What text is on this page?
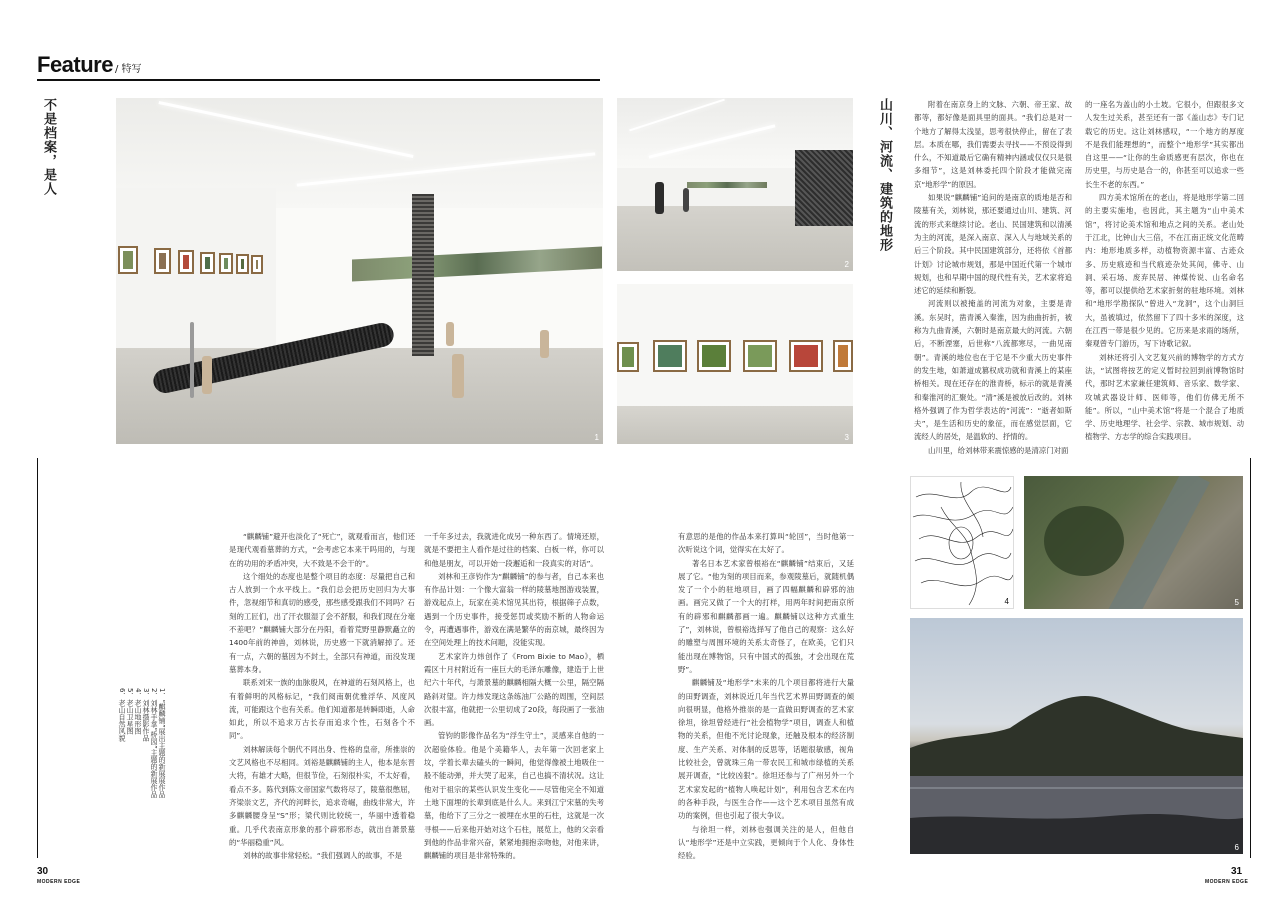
Feature / 特写
不是档案，是人
1

“麒麟铺”避开也淡化了“死亡”，就观看而言，他们还是现代观看墓葬的方式，“会考虑它本来干吗用的，与现在的功用的矛盾冲突，大不致是不会干的”。

这个细处的态度也是整个项目的态度：尽量把自己和古人放到一个水平线上。“我们总会把历史回归为大事件，忽视细节和真切的感受，那些感受跟我们不同吗？石刻的工匠们，出了汗衣服湿了会不舒服，和我们现在分毫不差吧？”麒麟铺大部分在丹阳，看着荒野里静默矗立的1400年前的神兽，刘林说，历史感一下就消解掉了。还有一点，六朝的墓因为不封土，全部只有神道，而没发现墓葬本身。

联系刘宋一族的血脉殷风，在神道的石刻风格上，也有着鲜明的风格标记，“我们阅南朝优雅浮华、风度风流，可能跟这个也有关系。他们知道都是转瞬即逝，人命如此，所以不追求万古长存而追求个性，石刻各个不同”。

刘林解读每个朝代不同出身、性格的皇帝，所推崇的文艺风格也不尽相同。刘裕是麒麟铺的主人，他本是东晋大将，有雄才大略，但很节俭，石刻很朴实，不太好看，看点不多。陈代到陈文帝国家气数将尽了，陵墓很憋屈，齐梁崇文艺，齐代的河畔长，追求奇崛，曲线非常大，许多麒麟腰身呈“S”形；梁代则比较统一，华丽中透着稳重。几乎代表南京形象的那个辟邪形态，就出自萧景墓的“华丽稳重”风。

刘林的故事非常轻松。“我们强调人的故事，不是

一千年多过去，我就进化成另一种东西了。情境还原，就是不要把主人看作是过往的档案、白板一样，你可以和他是朋友，可以开始一段邂逅和一段真实的对话”。

刘林和王彦钧作为“麒麟铺”的参与者，自己本来也有作品计划：一个像大富翁一样的陵墓地图游戏装置，游戏起点上，玩家在美术馆见其出符，根据筛子点数，遇到一个历史事件，接受惩罚或奖励不断的人物命运令，再遭遇事件，游戏在满是繁华的南京城，最终因为在空间处理上的技术问题，没能实现。

艺术家许力炜创作了《From Bixie to Mao》，栖霞区十月村附近有一座巨大的毛泽东雕像，建造于上世纪六十年代，与萧景墓的麒麟相隔大概一公里，隔空隔路斜对望。许力炜发现这条练油厂公路的周围，空间层次很丰富，他就把一公里切成了20段，每段画了一张油画。

管钧的影像作品名为“浮生守土”，灵感来自他的一次超验体验。他是个美籍华人，去年第一次回老家上坟，学着长辈去磕头的一瞬间，他觉得像被土地吸住一般不能动弹，并大哭了起来，自己也搞不清状况。这让他对于祖宗的某些认识发生变化——尽管他完全不知道土地下面埋的长辈到底是什么人。来到江宁宋墓的失考墓，他给下了三分之一被埋在水里的石柱，这就是一次寻根——后来他开始对这个石柱，展览上，他的父亲看到他的作品非常兴奋，紧紧地拥抱亲吻他，对他来讲，麒麟铺的项目是非常特殊的。

1．“麒麟铺”展出主题的新展展作品
2．刘林手拿“桥园”主题的新展作品
3．刘林摄影作品
4．老山地形图
5．老山卫星图
6．老山自然风貌
30
MODERN EDGE
2
3
山川、河流、建筑的地形	附着在南京身上的文脉、六朝、帝王家、故都等，都好像是面具里的面具。“我们总是对一个地方了解得太浅显，思考很快停止，留在了表层。本质在哪，我们需要去寻找——不预设得到什么，不知道最后它确有精神内涵或仅仅只是很多细节”，这是刘林委托四个阶段才能做完南京“地形学”的原因。

如果说“麒麟铺”追问的是南京的质地是否和陵墓有关，刘林说，那还要通过山川、建筑、河流的形式来继续讨论。老山、民国建筑和以清溪为主的河流，是深入南京、深入人与地域关系的后三个阶段。其中民国建筑部分，还将依《首都计划》讨论城市规划，那是中国近代第一个城市规划，也和早期中国的现代性有关，艺术家将追述它的延续和断裂。

河流则以被掩盖的河流为对象，主要是青溪。东吴时，凿青溪入秦淮，因为曲曲折折，被称为九曲青溪，六朝时是南京最大的河流。六朝后，不断湮塞，后世称“八流都寒尽，一曲见南朝”。青溪的地位也在于它是不少重大历史事件的发生地，如萧道成篡权成功就和青溪上的某座桥相关。现在还存在的淮青桥，标示的就是青溪和秦淮河的汇聚处。“清”溪是被放后改的。刘林格外强调了作为哲学表达的“河流”：“逝者如斯夫”，是生活和历史的象征，而在感觉层面，它流经人的居处，是温软的、抒情的。

山川里，给刘林带来震惊感的是清凉门对面

的一座名为盖山的小土坡。它很小，但跟很多文人发生过关系，甚至还有一部《盖山志》专门记载它的历史。这让刘林感叹，“一个地方的厚度不是我们能理想的”，而整个“地形学”其实都出自这里——“让你的生命质感更有层次，你也在历史里，与历史是合一的，你甚至可以追求一些长生不老的东西。”

四方美术馆所在的老山，将是地形学第二回的主要实施地，也因此，其主题为“山中美术馆”，将讨论美术馆和地点之间的关系。老山处于江北，比钟山大三倍，不在江南正统文化范畴内：地形地质多样，动植物资源丰富、古迹众多、历史痕迹和当代痕迹杂处其间，佛寺、山洞、采石场、废弃民居、神煤传说、山名命名等，都可以提供给艺术家折射的驻地环境。刘林和“地形学勘探队”曾进入“龙洞”，这个山洞巨大，虽被填过，依然留下了四十多米的深度，这在江西一带是很少见的。它历来是求雨的场所，秦观曾专门游历，写下诗歌记叙。

刘林还将引入文艺复兴前的博物学的方式方法，“试图将按艺的定义暂时拉回到前博物馆时代，那时艺术家兼任建筑师、音乐家、数学家、攻城武器设计师、医师等，他们仿佛无所不能”。所以，“山中美术馆”将是一个混合了地质学、历史地理学、社会学、宗教、城市规划、动植物学、方志学的综合实践项目。

有意思的是他的作品本来打算叫“轮回”，当时他第一次听说这个词，觉得实在太好了。

著名日本艺术家曾根裕在“麒麟铺”结束后，又延展了它。“他为刻的项目而来，参观陵墓后，就随机偶发了一个小的驻地项目，画了四幅麒麟和辟邪的油画。画完又做了一个大的打样，用两年时间把南京所有的辟邪和麒麟都画一遍。麒麟铺以这种方式重生了”，刘林说，曾根裕选择写了他自己的观察：这么好的雕塑与周围环境的关系太奇怪了，在欧美，它们只能出现在博物馆，只有中国式的孤独，才会出现在荒野”。

麒麟铺及“地形学”未来的几个项目都将进行大量的田野调查，刘林说近几年当代艺术界田野调查的倾向很明显，他格外推崇的是一直做田野调查的艺术家徐坦，徐坦曾经进行“社会植物学”项目，调查人和植物的关系，但他不光讨论现象，还触及根本的经济制度、生产关系、对体制的反思等，话题很敏感，视角比较社会，曾就珠三角一带农民工和城市绿植的关系展开调查，“比较凶狠”。徐坦还参与了广州另外一个艺术家发起的“植物人唤起计划”，利用包含艺术在内的各种手段，与医生合作——这个艺术项目虽然有成功的案例，但也引起了很大争议。

与徐坦一样，刘林也强调关注的是人，但他自认“地形学”还是中立实践，更倾向于个人化、身体性经验。

4	5
6
31
MODERN EDGE
